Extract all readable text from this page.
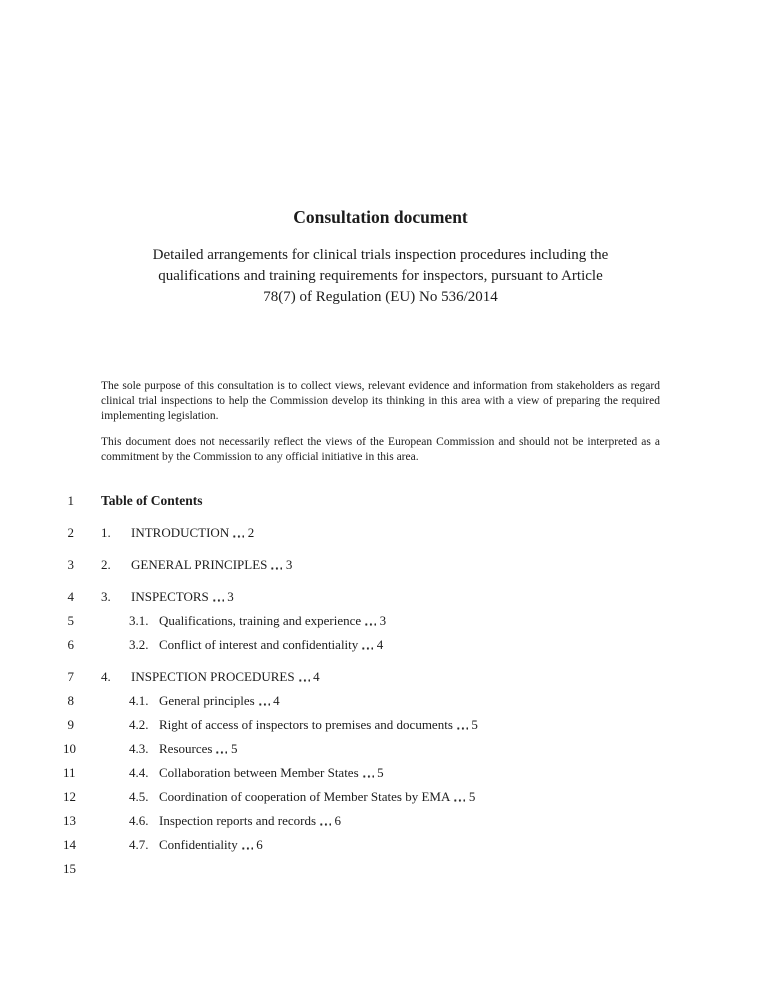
Consultation document
Detailed arrangements for clinical trials inspection procedures including the
qualifications and training requirements for inspectors, pursuant to Article
78(7) of Regulation (EU) No 536/2014

The sole purpose of this consultation is to collect views, relevant evidence and information from stakeholders as regard clinical trial inspections to help the Commission develop its thinking in this area with a view of preparing the required implementing legislation.

This document does not necessarily reflect the views of the European Commission and should not be interpreted as a commitment by the Commission to any official initiative in this area.

1 Table of Contents
2 1.	INTRODUCTION 2
3 2.	GENERAL PRINCIPLES 3
4 3.	INSPECTORS 3
5	3.1. Qualifications, training and experience 3
6	3.2. Conflict of interest and confidentiality 4
7 4.	INSPECTION PROCEDURES 4
8	4.1. General principles 4
9	4.2. Right of access of inspectors to premises and documents 5
10	4.3. Resources 5
11	4.4. Collaboration between Member States 5
12	4.5. Coordination of cooperation of Member States by EMA 5
13	4.6. Inspection reports and records 6
14	4.7. Confidentiality 6
15
